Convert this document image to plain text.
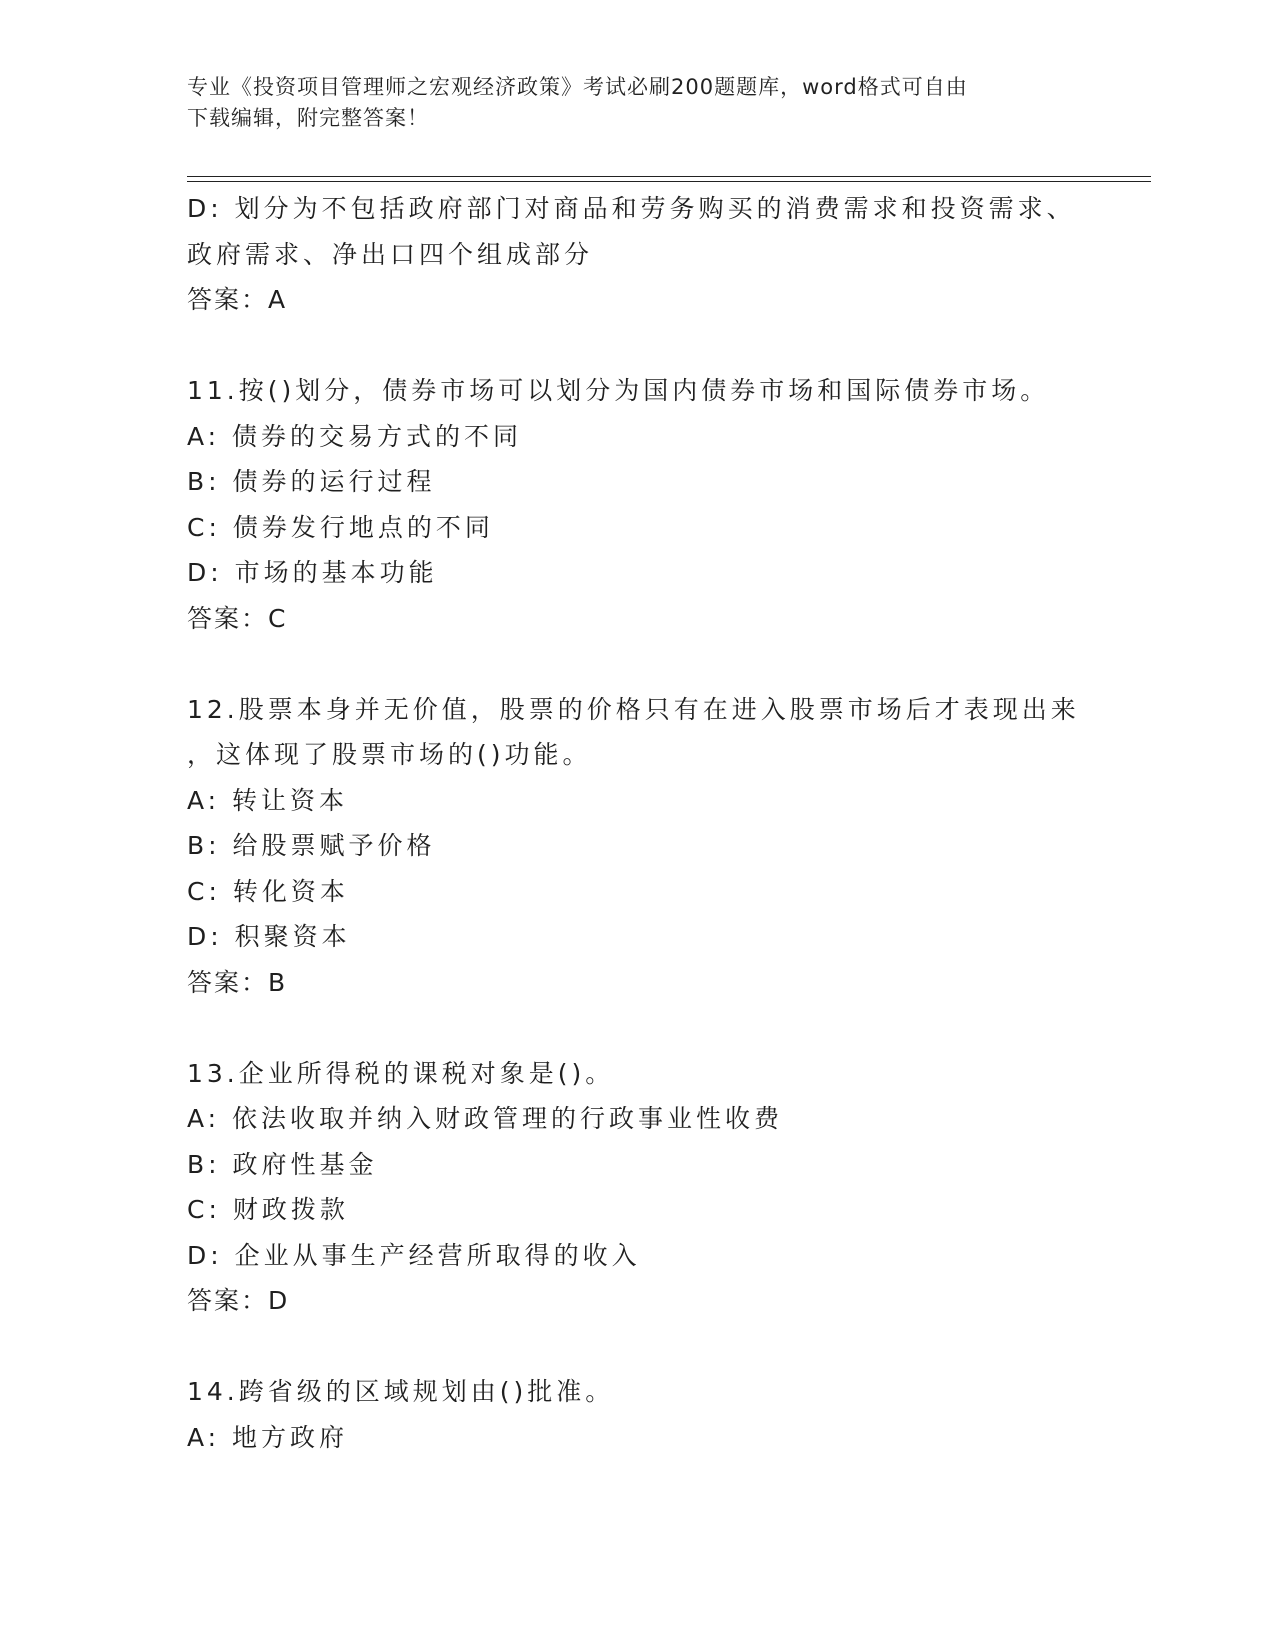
专业《投资项目管理师之宏观经济政策》考试必刷200题题库，word格式可自由
下载编辑，附完整答案！
D: 划分为不包括政府部门对商品和劳务购买的消费需求和投资需求、
政府需求、净出口四个组成部分
答案：A
11.按()划分，债券市场可以划分为国内债券市场和国际债券市场。
A: 债券的交易方式的不同
B: 债券的运行过程
C: 债券发行地点的不同
D: 市场的基本功能
答案：C
12.股票本身并无价值，股票的价格只有在进入股票市场后才表现出来
，这体现了股票市场的()功能。
A: 转让资本
B: 给股票赋予价格
C: 转化资本
D: 积聚资本
答案：B
13.企业所得税的课税对象是()。
A: 依法收取并纳入财政管理的行政事业性收费
B: 政府性基金
C: 财政拨款
D: 企业从事生产经营所取得的收入
答案：D
14.跨省级的区域规划由()批准。
A: 地方政府
